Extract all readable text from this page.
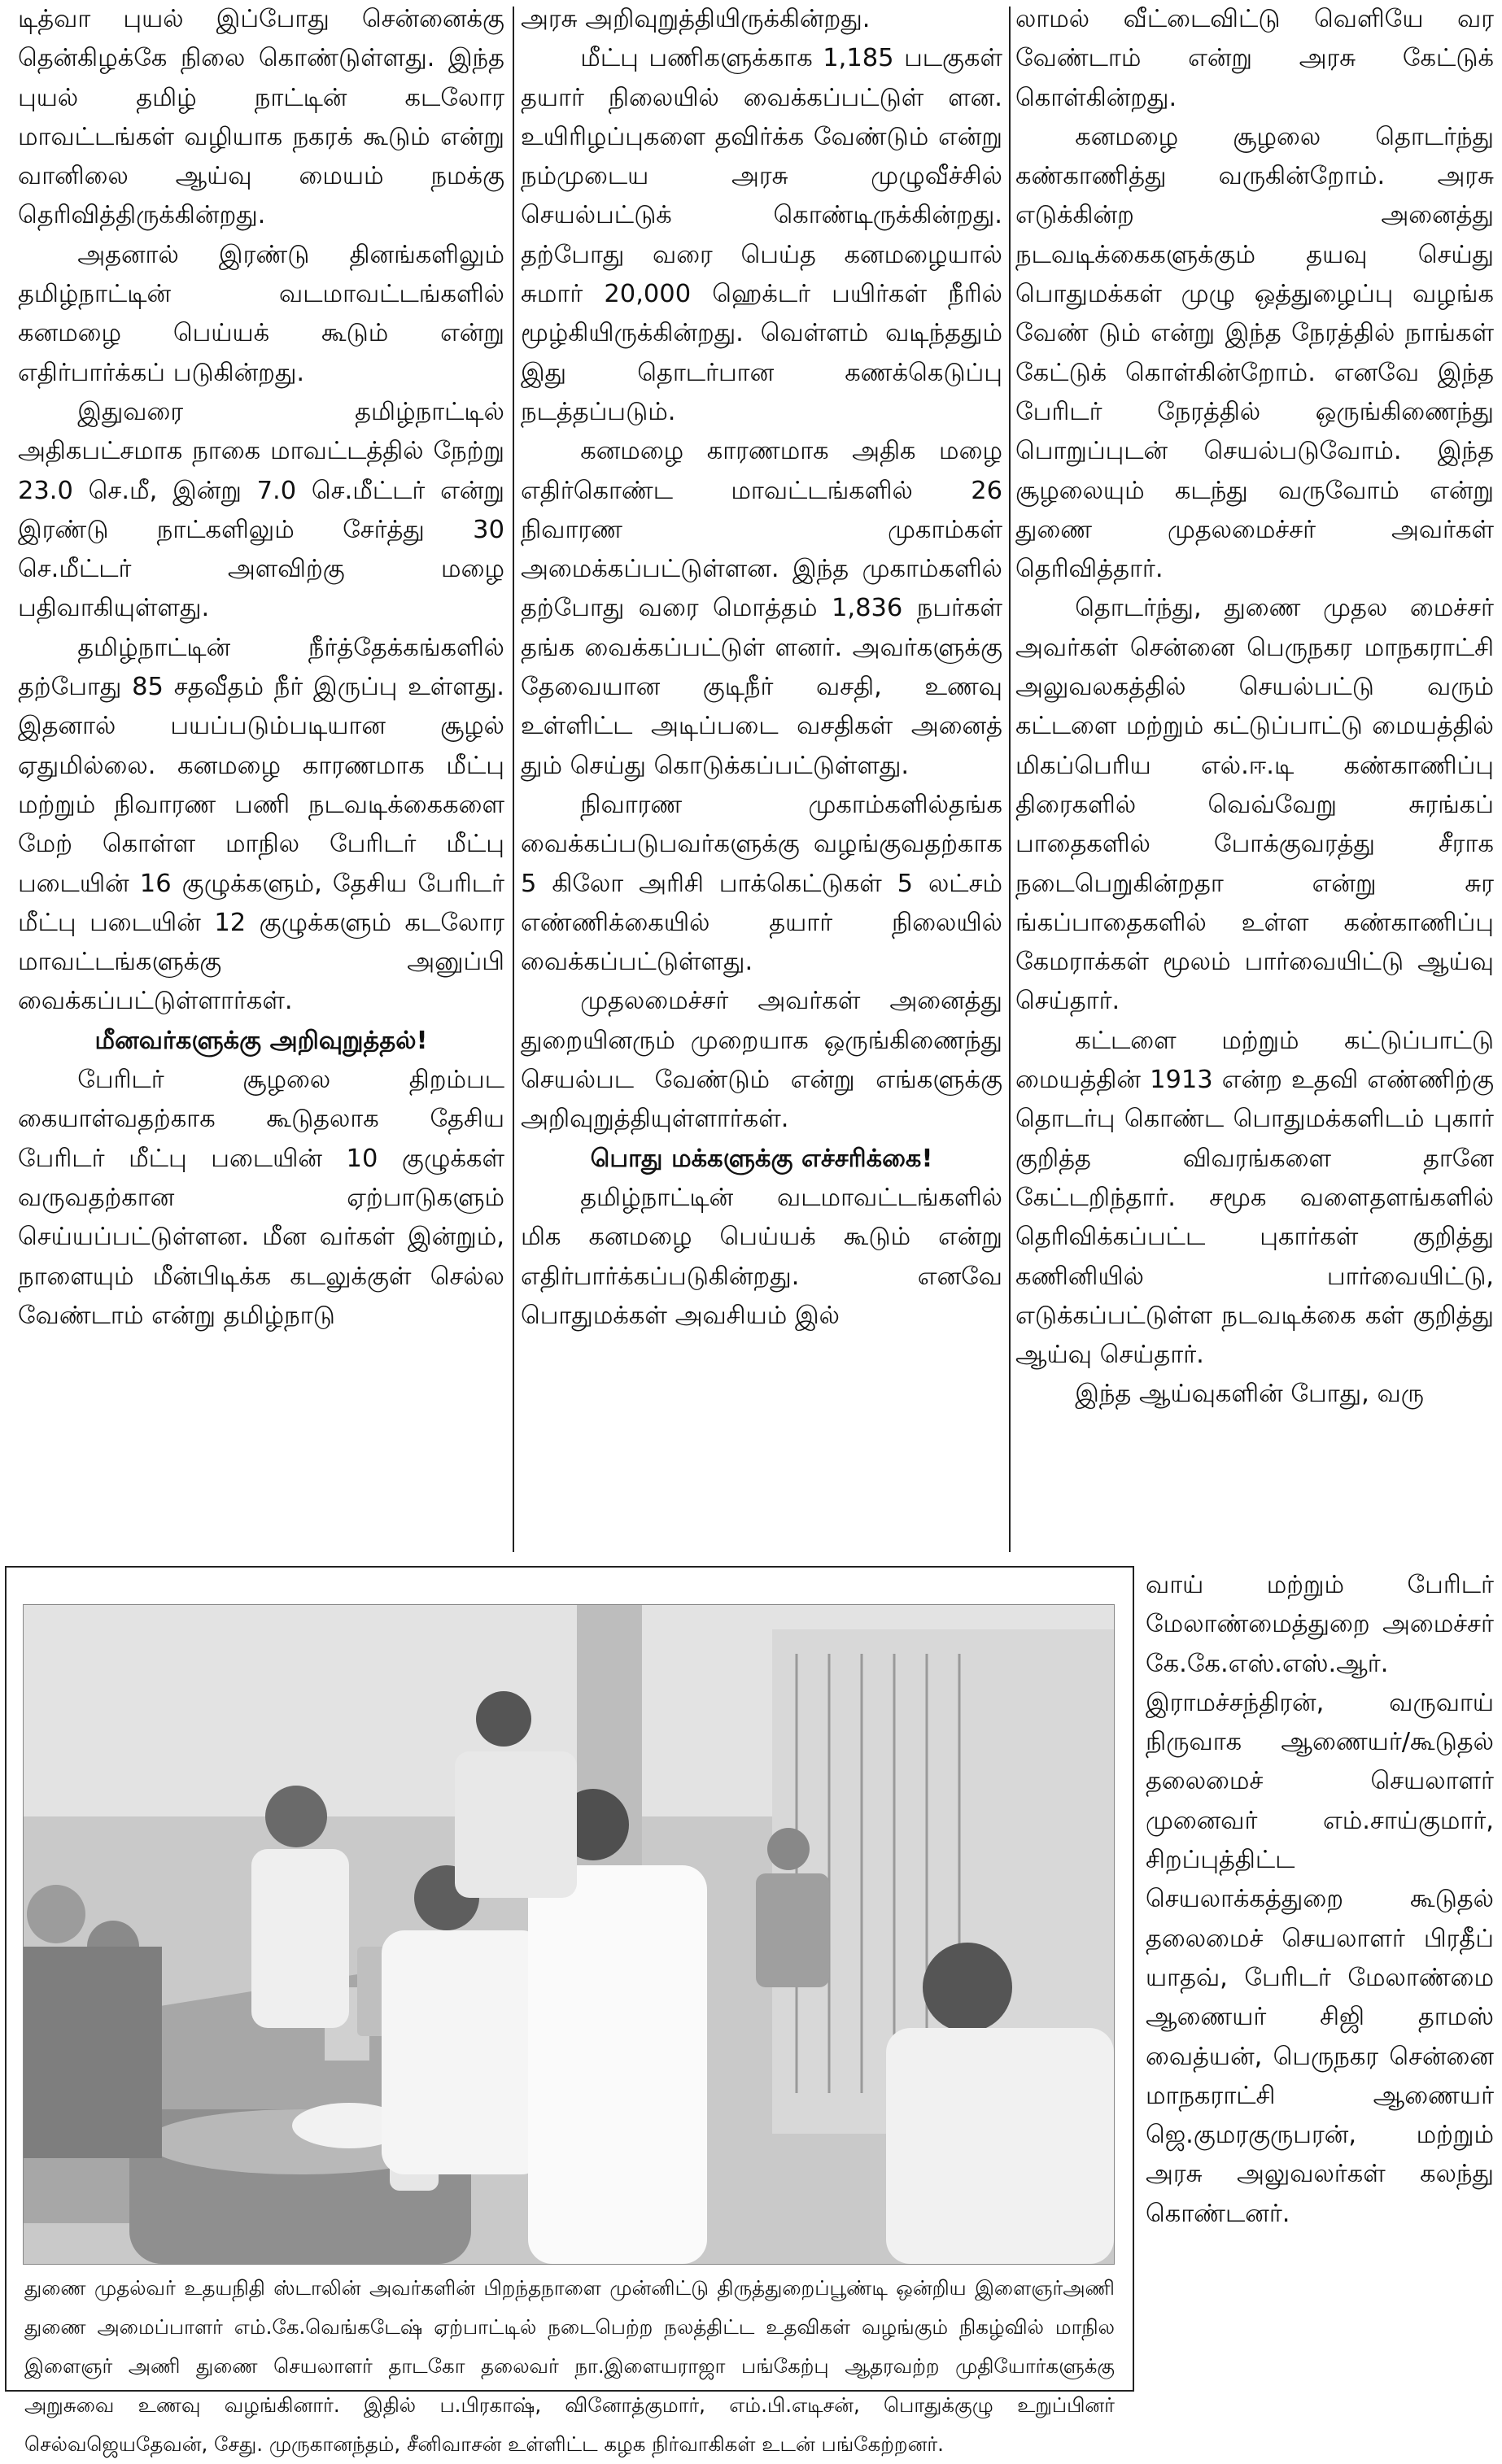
டித்வா புயல் இப்போது சென்னைக்கு தென்கிழக்கே நிலை கொண்டுள்ளது. இந்த புயல் தமிழ் நாட்டின் கடலோர மாவட்டங்கள் வழியாக நகரக் கூடும் என்று வானிலை ஆய்வு மையம் நமக்கு தெரிவித்திருக்கின்றது.

அதனால் இரண்டு தினங்களிலும் தமிழ்நாட்டின் வடமாவட்டங்களில் கனமழை பெய்யக் கூடும் என்று எதிர்பார்க்கப் படுகின்றது.

இதுவரை தமிழ்நாட்டில் அதிகபட்சமாக நாகை மாவட்டத்தில் நேற்று 23.0 செ.மீ, இன்று 7.0 செ.மீட்டர் என்று இரண்டு நாட்களிலும் சேர்த்து 30 செ.மீட்டர் அளவிற்கு மழை பதிவாகியுள்ளது.

தமிழ்நாட்டின் நீர்த்தேக்கங்களில் தற்போது 85 சதவீதம் நீர் இருப்பு உள்ளது. இதனால் பயப்படும்படியான சூழல் ஏதுமில்லை. கனமழை காரணமாக மீட்பு மற்றும் நிவாரண பணி நடவடிக்கைகளை மேற் கொள்ள மாநில பேரிடர் மீட்பு படையின் 16 குழுக்களும், தேசிய பேரிடர் மீட்பு படையின் 12 குழுக்களும் கடலோர மாவட்டங்களுக்கு அனுப்பி வைக்கப்பட்டுள்ளார்கள்.

மீனவர்களுக்கு அறிவுறுத்தல்!

பேரிடர் சூழலை திறம்பட கையாள்வதற்காக கூடுதலாக தேசிய பேரிடர் மீட்பு படையின் 10 குழுக்கள் வருவதற்கான ஏற்பாடுகளும் செய்யப்பட்டுள்ளன. மீன வர்கள் இன்றும், நாளையும் மீன்பிடிக்க கடலுக்குள் செல்ல வேண்டாம் என்று தமிழ்நாடு

அரசு அறிவுறுத்தியிருக்கின்றது.

மீட்பு பணிகளுக்காக 1,185 படகுகள் தயார் நிலையில் வைக்கப்பட்டுள் ளன. உயிரிழப்புகளை தவிர்க்க வேண்டும் என்று நம்முடைய அரசு முழுவீச்சில் செயல்பட்டுக் கொண்டிருக்கின்றது. தற்போது வரை பெய்த கனமழையால் சுமார் 20,000 ஹெக்டர் பயிர்கள் நீரில் மூழ்கியிருக்கின்றது. வெள்ளம் வடிந்ததும் இது தொடர்பான கணக்கெடுப்பு நடத்தப்படும்.

கனமழை காரணமாக அதிக மழை எதிர்கொண்ட மாவட்டங்களில் 26 நிவாரண முகாம்கள் அமைக்கப்பட்டுள்ளன. இந்த முகாம்களில் தற்போது வரை மொத்தம் 1,836 நபர்கள் தங்க வைக்கப்பட்டுள் ளனர். அவர்களுக்கு தேவையான குடிநீர் வசதி, உணவு உள்ளிட்ட அடிப்படை வசதிகள் அனைத் தும் செய்து கொடுக்கப்பட்டுள்ளது.

நிவாரண முகாம்களில்தங்க வைக்கப்படுபவர்களுக்கு வழங்குவதற்காக 5 கிலோ அரிசி பாக்கெட்டுகள் 5 லட்சம் எண்ணிக்கையில் தயார் நிலையில் வைக்கப்பட்டுள்ளது.

முதலமைச்சர் அவர்கள் அனைத்து துறையினரும் முறையாக ஒருங்கிணைந்து செயல்பட வேண்டும் என்று எங்களுக்கு அறிவுறுத்தியுள்ளார்கள்.

பொது மக்களுக்கு எச்சரிக்கை!

தமிழ்நாட்டின் வடமாவட்டங்களில் மிக கனமழை பெய்யக் கூடும் என்று எதிர்பார்க்கப்படுகின்றது. எனவே பொதுமக்கள் அவசியம் இல்

லாமல் வீட்டைவிட்டு வெளியே வர வேண்டாம் என்று அரசு கேட்டுக் கொள்கின்றது.

கனமழை சூழலை தொடர்ந்து கண்காணித்து வருகின்றோம். அரசு எடுக்கின்ற அனைத்து நடவடிக்கைகளுக்கும் தயவு செய்து பொதுமக்கள் முழு ஒத்துழைப்பு வழங்க வேண் டும் என்று இந்த நேரத்தில் நாங்கள் கேட்டுக் கொள்கின்றோம். எனவே இந்த பேரிடர் நேரத்தில் ஒருங்கிணைந்து பொறுப்புடன் செயல்படுவோம். இந்த சூழலையும் கடந்து வருவோம் என்று துணை முதலமைச்சர் அவர்கள் தெரிவித்தார்.

தொடர்ந்து, துணை முதல மைச்சர் அவர்கள் சென்னை பெருநகர மாநகராட்சி அலுவலகத்தில் செயல்பட்டு வரும் கட்டளை மற்றும் கட்டுப்பாட்டு மையத்தில் மிகப்பெரிய எல்.ஈ.டி கண்காணிப்பு திரைகளில் வெவ்வேறு சுரங்கப் பாதைகளில் போக்குவரத்து சீராக நடைபெறுகின்றதா என்று சுர ங்கப்பாதைகளில் உள்ள கண்காணிப்பு கேமராக்கள் மூலம் பார்வையிட்டு ஆய்வு செய்தார்.

கட்டளை மற்றும் கட்டுப்பாட்டு மையத்தின் 1913 என்ற உதவி எண்ணிற்கு தொடர்பு கொண்ட பொதுமக்களிடம் புகார் குறித்த விவரங்களை தானே கேட்டறிந்தார். சமூக வளைதளங்களில் தெரிவிக்கப்பட்ட புகார்கள் குறித்து கணினியில் பார்வையிட்டு, எடுக்கப்பட்டுள்ள நடவடிக்கை கள் குறித்து ஆய்வு செய்தார்.

இந்த ஆய்வுகளின் போது, வரு

துணை முதல்வர் உதயநிதி ஸ்டாலின் அவர்களின் பிறந்தநாளை முன்னிட்டு திருத்துறைப்பூண்டி ஒன்றிய இளைஞர்அணி துணை அமைப்பாளர் எம்.கே.வெங்கடேஷ் ஏற்பாட்டில் நடைபெற்ற நலத்திட்ட உதவிகள் வழங்கும் நிகழ்வில் மாநில இளைஞர் அணி துணை செயலாளர் தாடகோ தலைவர் நா.இளையராஜா பங்கேற்பு ஆதரவற்ற முதியோர்களுக்கு அறுசுவை உணவு வழங்கினார். இதில் ப.பிரகாஷ், வினோத்குமார், எம்.பி.எடிசன், பொதுக்குழு உறுப்பினர் செல்வஜெயதேவன், சேது. முருகானந்தம், சீனிவாசன் உள்ளிட்ட கழக நிர்வாகிகள் உடன் பங்கேற்றனர்.

வாய் மற்றும் பேரிடர் மேலாண்மைத்துறை அமைச்சர் கே.கே.எஸ்.எஸ்.ஆர். இராமச்சந்திரன், வருவாய் நிருவாக ஆணையர்/கூடுதல் தலைமைச் செயலாளர் முனைவர் எம்.சாய்குமார், சிறப்புத்திட்ட செயலாக்கத்துறை கூடுதல் தலைமைச் செயலாளர் பிரதீப் யாதவ், பேரிடர் மேலாண்மை ஆணையர் சிஜி தாமஸ் வைத்யன், பெருநகர சென்னை மாநகராட்சி ஆணையர் ஜெ.குமரகுருபரன், மற்றும் அரசு அலுவலர்கள் கலந்து கொண்டனர்.
